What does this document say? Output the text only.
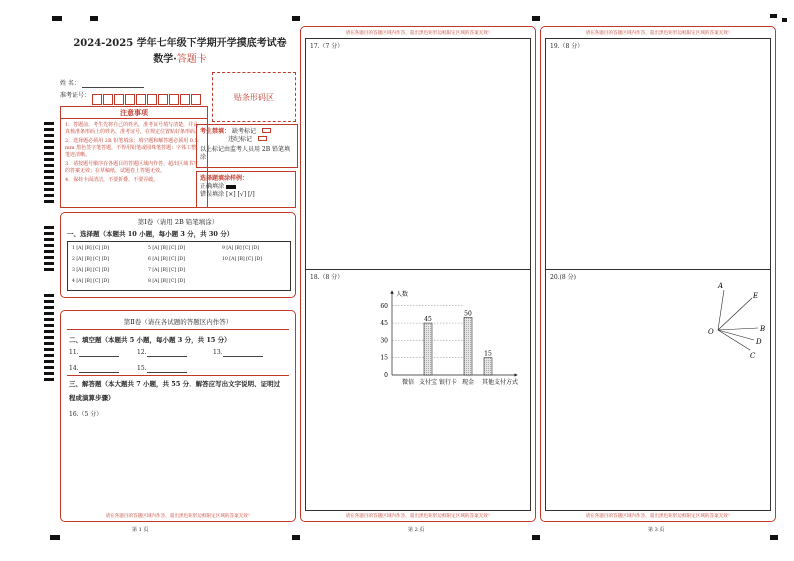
2024-2025 学年七年级下学期开学摸底考试卷
数学·答题卡
姓 名：
准考证号：	贴条形码区
注意事项
1．答题前，考生先将自己的姓名，准考证号填写清楚，并认真核准条形码上的姓名、准考证号，在规定位置贴好条形码。
2．选择题必须用 2B 铅笔填涂；填空题和解答题必须用 0.5 mm 黑色签字笔答题，不得用铅笔或圆珠笔答题；字体工整、笔迹清晰。
3．请按题号顺序在各题目的答题区域内作答，超出区域书写的答案无效；在草稿纸、试题卷上答题无效。
4．保持卡面清洁，不要折叠、不要弄破。
考生禁填： 缺考标记
违纪标记
以上标记由监考人员用 2B 铅笔填涂
选择题填涂样例：
正确填涂
错误填涂 [×] [√] [/]
第Ⅰ卷（请用 2B 铅笔填涂）
一、选择题（本题共 10 小题，每小题 3 分，共 30 分）
1 [A] [B] [C] [D]
2 [A] [B] [C] [D]
3 [A] [B] [C] [D]
4 [A] [B] [C] [D]
5 [A] [B] [C] [D]
6 [A] [B] [C] [D]
7 [A] [B] [C] [D]
8 [A] [B] [C] [D]
9 [A] [B] [C] [D]
10 [A] [B] [C] [D]
第Ⅱ卷（请在各试题的答题区内作答）
二、填空题（本题共 5 小题，每小题 3 分，共 15 分）
11.	12.	13.
14.	15.
三、解答题（本大题共 7 小题，共 55 分．解答应写出文字说明、证明过
程或演算步骤）
16.（5 分）
请在各题目的答题区域内作答，超出黑色矩形边框限定区域的答案无效！
第 1 页
请在各题目的答题区域内作答，超出黑色矩形边框限定区域的答案无效！
17.（7 分）
18.（8 分）
人数
0
15
30
45
60
微信 支付宝
45
银行卡 现金
50
其他
15
支付方式
请在各题目的答题区域内作答，超出黑色矩形边框限定区域的答案无效！
第 2 页
请在各题目的答题区域内作答，超出黑色矩形边框限定区域的答案无效！
19.（8 分）
20.(8 分)
A
E
O	B
D
C
请在各题目的答题区域内作答，超出黑色矩形边框限定区域的答案无效！
第 3 页
